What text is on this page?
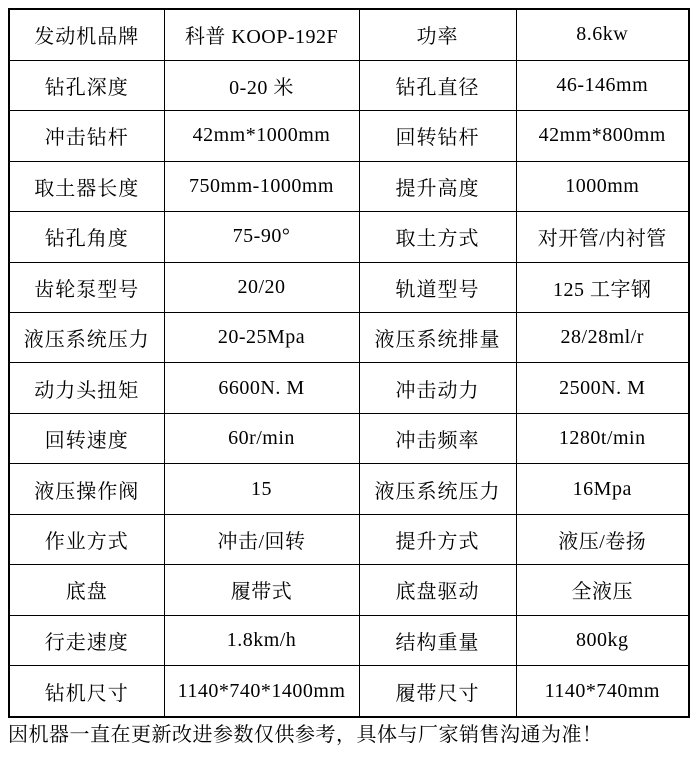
发动机品牌	科普 KOOP-192F	功率	8.6kw
钻孔深度	0-20 米	钻孔直径	46-146mm
冲击钻杆	42mm*1000mm	回转钻杆	42mm*800mm
取土器长度	750mm-1000mm	提升高度	1000mm
钻孔角度	75-90°	取土方式	对开管/内衬管
齿轮泵型号	20/20	轨道型号	125 工字钢
液压系统压力	20-25Mpa	液压系统排量	28/28ml/r
动力头扭矩	6600N. M	冲击动力	2500N. M
回转速度	60r/min	冲击频率	1280t/min
液压操作阀	15	液压系统压力	16Mpa
作业方式	冲击/回转	提升方式	液压/卷扬
底盘	履带式	底盘驱动	全液压
行走速度	1.8km/h	结构重量	800kg
钻机尺寸	1140*740*1400mm	履带尺寸	1140*740mm
因机器一直在更新改进参数仅供参考，具体与厂家销售沟通为准！
